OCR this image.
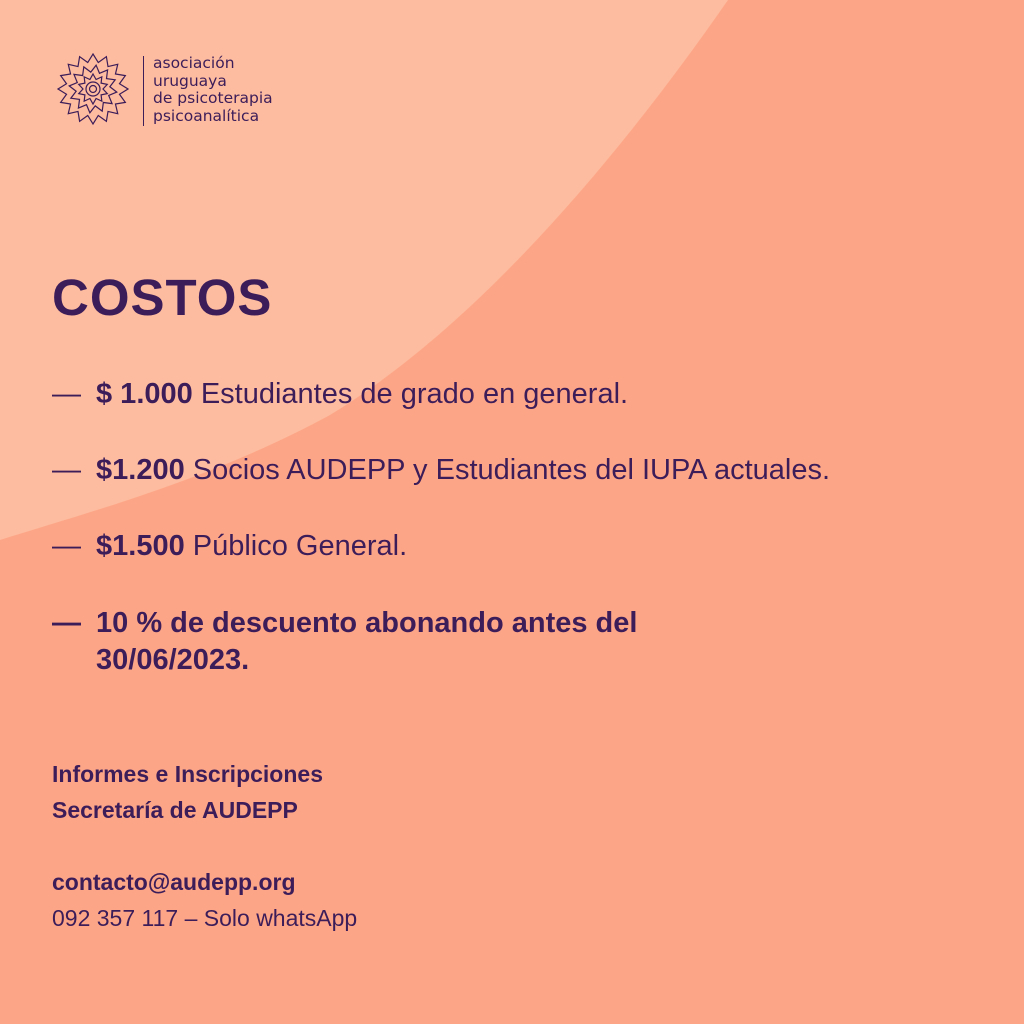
asociación
uruguaya
de psicoterapia
psicoanalítica
COSTOS
— $ 1.000 Estudiantes de grado en general.
— $1.200 Socios AUDEPP y Estudiantes del IUPA actuales.
— $1.500 Público General.
— 10 % de descuento abonando antes del
30/06/2023.
Informes e Inscripciones
Secretaría de AUDEPP
contacto@audepp.org
092 357 117 – Solo whatsApp
